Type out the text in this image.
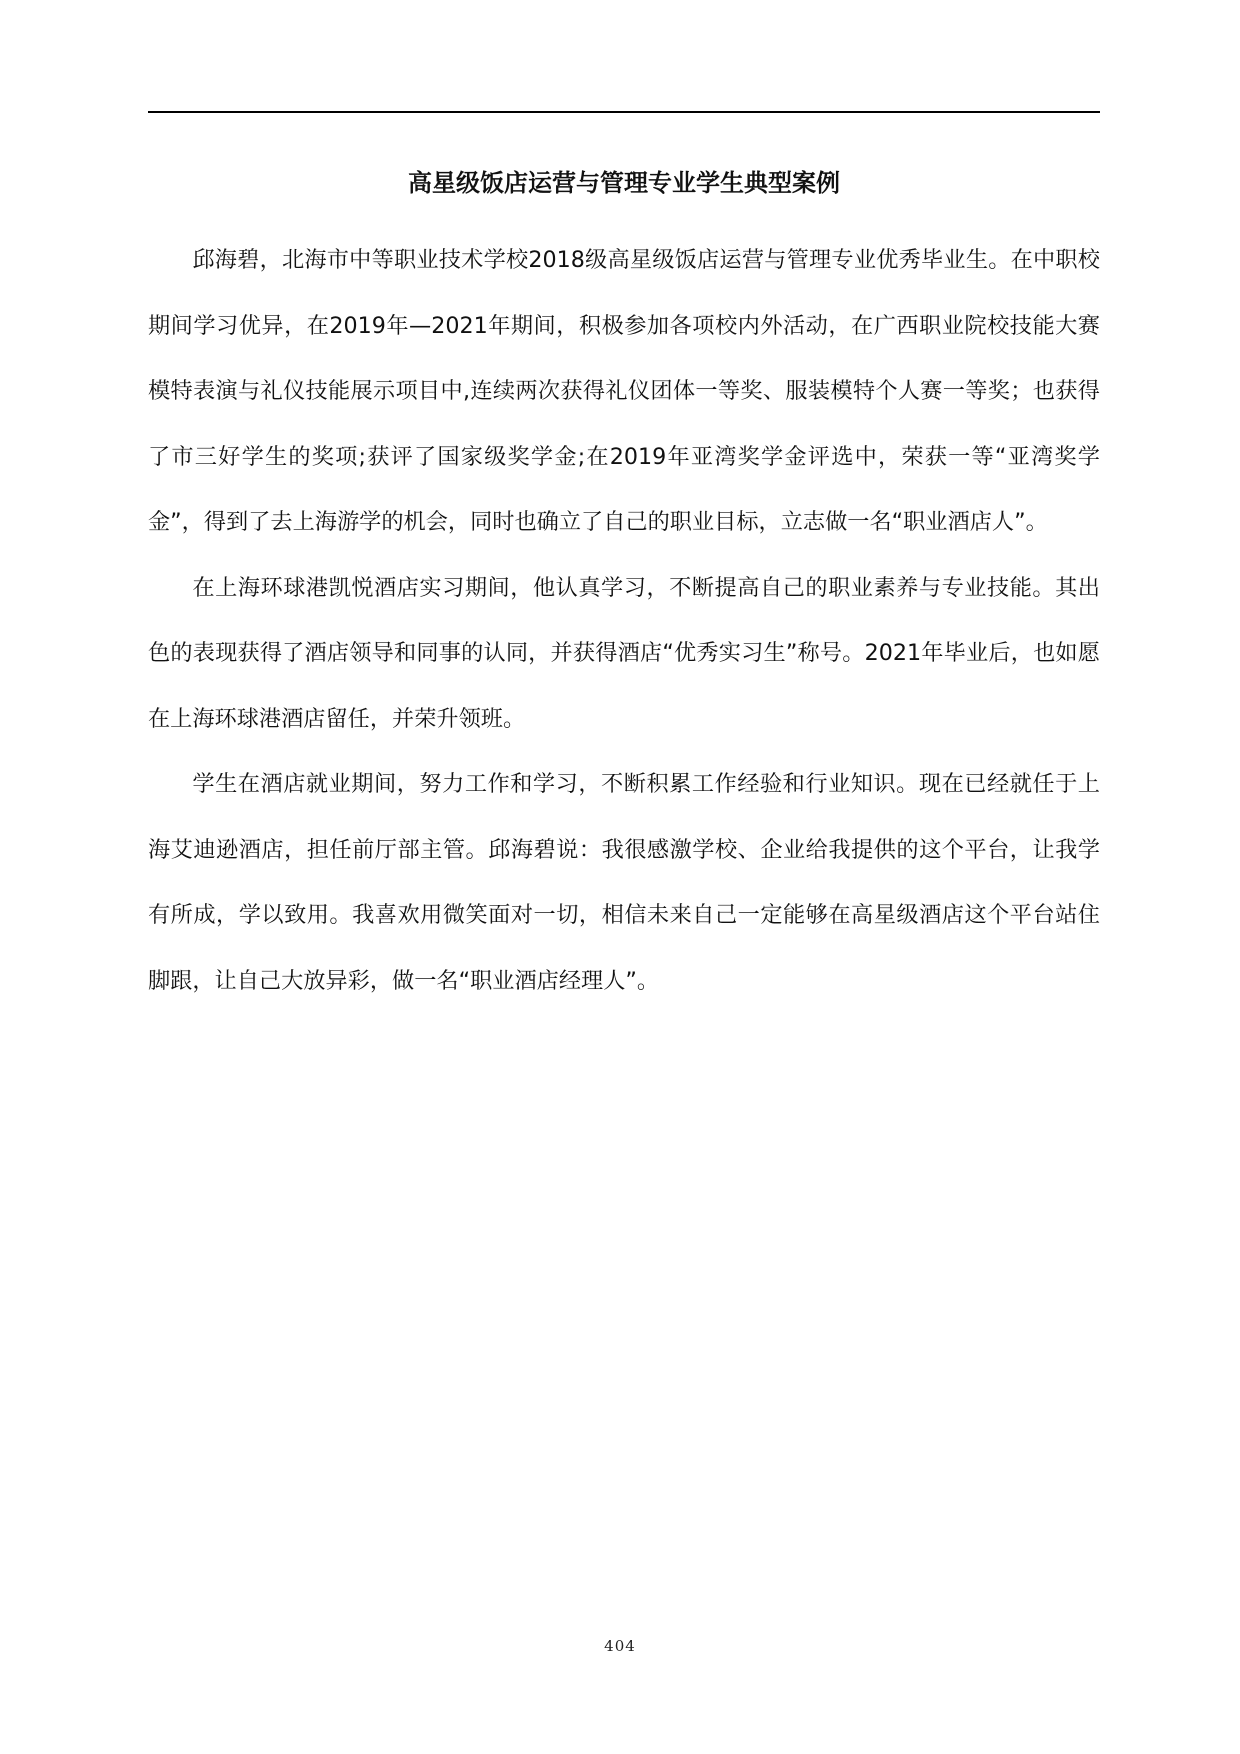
高星级饭店运营与管理专业学生典型案例

邱海碧，北海市中等职业技术学校2018级高星级饭店运营与管理专业优秀毕业生。在中职校期间学习优异，在2019年—2021年期间，积极参加各项校内外活动，在广西职业院校技能大赛模特表演与礼仪技能展示项目中,连续两次获得礼仪团体一等奖、服装模特个人赛一等奖；也获得了市三好学生的奖项;获评了国家级奖学金;在2019年亚湾奖学金评选中，荣获一等“亚湾奖学金”，得到了去上海游学的机会，同时也确立了自己的职业目标，立志做一名“职业酒店人”。

在上海环球港凯悦酒店实习期间，他认真学习，不断提高自己的职业素养与专业技能。其出色的表现获得了酒店领导和同事的认同，并获得酒店“优秀实习生”称号。2021年毕业后，也如愿在上海环球港酒店留任，并荣升领班。

学生在酒店就业期间，努力工作和学习，不断积累工作经验和行业知识。现在已经就任于上海艾迪逊酒店，担任前厅部主管。邱海碧说：我很感激学校、企业给我提供的这个平台，让我学有所成，学以致用。我喜欢用微笑面对一切，相信未来自己一定能够在高星级酒店这个平台站住脚跟，让自己大放异彩，做一名“职业酒店经理人”。

404
